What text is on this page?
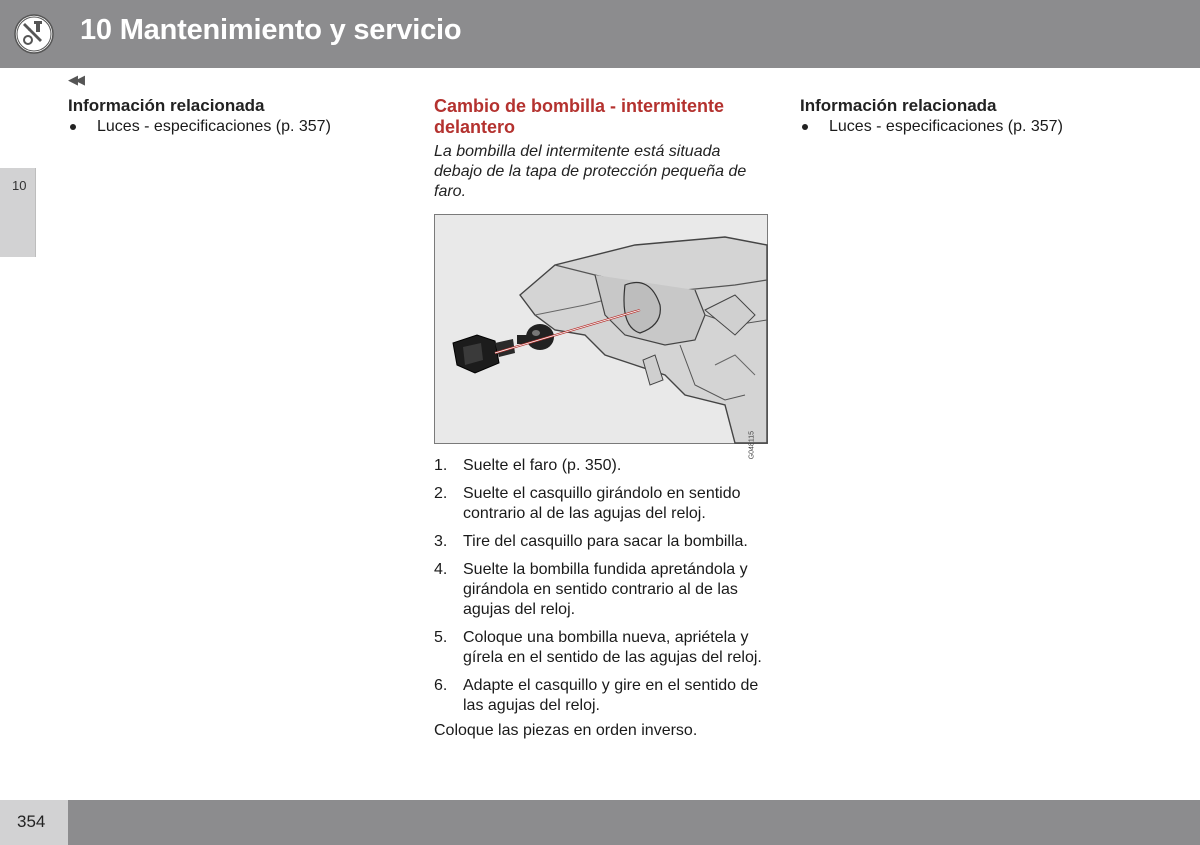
10 Mantenimiento y servicio
◀◀
10
Información relacionada
Luces - especificaciones (p. 357)
Cambio de bombilla - intermitente delantero

La bombilla del intermitente está situada debajo de la tapa de protección pequeña de faro.

G048115
1. Suelte el faro (p. 350).
2. Suelte el casquillo girándolo en sentido contrario al de las agujas del reloj.
3. Tire del casquillo para sacar la bombilla.
4. Suelte la bombilla fundida apretándola y girándola en sentido contrario al de las agujas del reloj.
5. Coloque una bombilla nueva, apriétela y gírela en el sentido de las agujas del reloj.
6. Adapte el casquillo y gire en el sentido de las agujas del reloj.
Coloque las piezas en orden inverso.
Información relacionada
Luces - especificaciones (p. 357)
354
